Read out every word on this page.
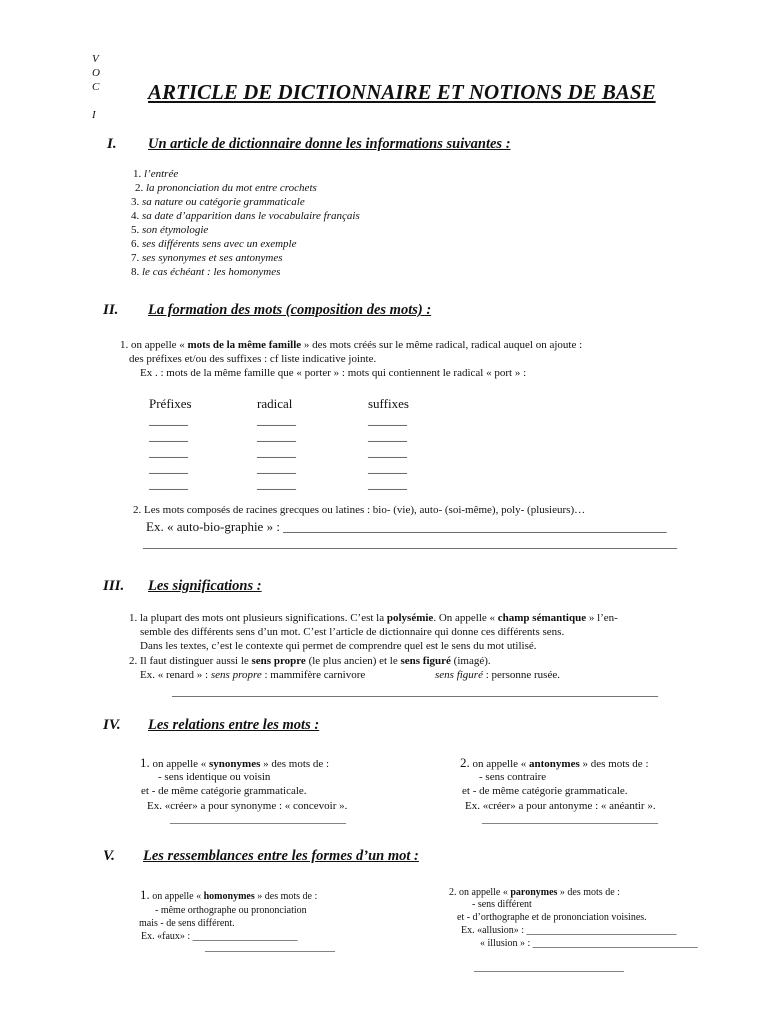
V
O
C
I
ARTICLE DE DICTIONNAIRE ET NOTIONS DE BASE
I. Un article de dictionnaire donne les informations suivantes :
1. l’entrée
2. la prononciation du mot entre crochets
3. sa nature ou catégorie grammaticale
4. sa date d’apparition dans le vocabulaire français
5. son étymologie
6. ses différents sens avec un exemple
7. ses synonymes et ses antonymes
8. le cas échéant : les homonymes
II. La formation des mots (composition des mots) :
1. on appelle « mots de la même famille » des mots créés sur le même radical, radical auquel on ajoute :
des préfixes et/ou des suffixes : cf liste indicative jointe.
Ex . : mots de la même famille que « porter » : mots qui contiennent le radical « port » :
Préfixes
______
______
______
______
______
radical
______
______
______
______
______
suffixes
______
______
______
______
______
2. Les mots composés de racines grecques ou latines : bio- (vie), auto- (soi-même), poly- (plusieurs)…
Ex. « auto-bio-graphie » : ___________________________________________________________
_________________________________________________________________________________________
III. Les significations :
1. la plupart des mots ont plusieurs significations. C’est la polysémie. On appelle « champ sémantique » l’en-
semble des différents sens d’un mot. C’est l’article de dictionnaire qui donne ces différents sens.
Dans les textes, c’est le contexte qui permet de comprendre quel est le sens du mot utilisé.
2. Il faut distinguer aussi le sens propre (le plus ancien) et le sens figuré (imagé).
Ex. « renard » : sens propre : mammifère carnivore	sens figuré : personne rusée.
_________________________________________________________________________________
IV. Les relations entre les mots :
1. on appelle « synonymes » des mots de :
- sens identique ou voisin
et - de même catégorie grammaticale.
Ex. «créer» a pour synonyme : « concevoir ».
________________________________
2. on appelle « antonymes » des mots de :
- sens contraire
et - de même catégorie grammaticale.
Ex. «créer» a pour antonyme : « anéantir ».
________________________________
V. Les ressemblances entre les formes d’un mot :
1. on appelle « homonymes » des mots de :
- même orthographe ou prononciation
mais - de sens différent.
Ex. «faux» : _____________________
__________________________
2. on appelle « paronymes » des mots de :
- sens différent
et - d’orthographe et de prononciation voisines.
Ex. «allusion» : ______________________________
« illusion » : _________________________________
______________________________
